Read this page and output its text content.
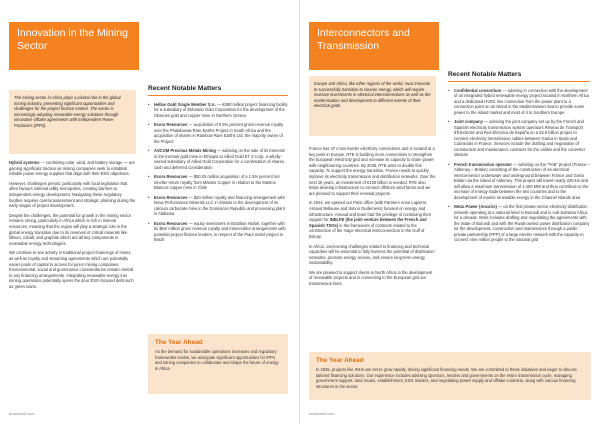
Innovation in the Mining Sector
The mining sector in Africa plays a pivotal role in the global mining industry, presenting significant opportunities and challenges for the project finance market. The sector is increasingly adopting renewable energy solutions through innovative offtake agreements with Independent Power Producers (IPPs).

Hybrid systems — combining solar, wind, and battery storage — are gaining significant traction as mining companies seek to establish reliable power energy supplies that align with their ESG objectives.

However, challenges persist, particularly with local legislation that often favours national utility monopolies, creating barriers to independent energy development. Navigating these regulatory hurdles requires careful assessment and strategic planning during the early stages of project development.

Despite the challenges, the potential for growth in the mining sector remains strong, particularly in Africa which is rich in mineral resources, meaning that the region will play a strategic role in the global energy transition due to its reserves of critical minerals like lithium, cobalt, and graphite which are all key components in renewable energy technologies.

We continue to see activity in traditional project financings of mines, as well as royalty and streaming agreements which are potentially easier pools of capital to access for junior mining companies. Environmental, social and governance considerations remain central to any financing arrangements. Integrating renewable energy into mining operations potentially opens the door ESG-focused debt such as green loans.

Recent Notable Matters
• Hellas Gold Single Member S.A. — €380 million project financing facility for a subsidiary of Eldorado Gold Corporation for the development of the Skouries gold and copper mine in Northern Greece
• Ecora Resources — acquisition of 0.6% percent gross revenue royalty over the Phalaborwa Rare Earths Project in South Africa and the acquisition of shares in Rainbow Rare Earths Ltd, the majority owner of the Project
• ASCOM Precious Metals Mining — advising on the sale of its interests in the Kurmuk gold mine in Ethiopia to Allied Gold ET 2 Corp, a wholly-owned subsidiary of Allied Gold Corporation for a combination of shares, cash and deferred consideration
• Ecora Resources — $50.25 million acquisition of a 1.5% percent net smelter return royalty from Mantos Copper in relation to the Mantos Blancos copper mine in Chile
• Ecora Resources — $20 million royalty and financing arrangement with Nova Performance Minerals LLC in relation to the development of its calcium carbonate mine in the Dominican Republic and processing plant in Alabama
• Ecora Resources — equity investment in Brazilian Nickel, together with its $5m million gross revenue royalty and intercreditor arrangements with potential project finance lenders, in respect of the Piauí nickel project in Brazil
The Year Ahead

As the demand for sustainable operations increases and regulatory frameworks evolve, we anticipate significant opportunities for IPPs and mining companies to collaborate and shape the future of energy in Africa.

bracewell.com
Interconnectors and Transmission
Europe and Africa, like other regions of the world, must innovate to successfully transition to cleaner energy, which will require massive investments in electrical interconnections as well as the modernisation and development to different extents of their electrical grids.

France has 47 cross-border electricity connections and is located at a key point in Europe. RTE is building more connections to strengthen the European electricity grid and increase its capacity to share power with neighbouring countries. By 2035, RTE aims to double this capacity. To support the energy transition, France needs to quickly improve its electricity transmission and distribution networks. Over the next 15 years, an investment of €100 billion is needed. RTE also helps develop infrastructure to connect offshore wind farms and we are pleased to support their renewal projects.

In 2024, we opened our Paris office (with Partners Anne Lapierre, Arnaud Bellaune and Simon Ouderness) focused on energy and infrastructure. Arnaud and team had the privilege of continuing their support for INELFE (the joint venture between the French and Spanish TSOs) in the framework of contracts related to the construction of the major electrical interconnection in the Gulf of Biscay.

In Africa, overcoming challenges related to financing and technical capacities will be essential to fully harness the potential of distribution networks, promote energy access, and ensure long-term energy sustainability.

We are pleased to support clients in North Africa in the development of renewable projects and in connecting to the European grid via transmission lines.

Recent Notable Matters
• Confidential consortium — advising in connection with the development of an integrated hybrid renewable energy project located in Northern Africa and a dedicated HVDC line connection from the power plant to a connection point on an island in the Mediterranean Sea to provide some power to the island market and most of it to Southern Europe
• Joint company — advising the joint company set up by the French and Spanish electricity transmission system operators Réseau de Transport d'Électricité and Red Eléctrica de España on a €2.8 billion project to connect electricity transmission cables between Gatica in Spain and Cubnezais in France. Services include the drafting and negotiation of construction and maintenance contracts for the cables and the converter stations
• French transmission operator — advising on the "FAB" project (France – Alderney – Britain) consisting of the construction of an electrical interconnector underwater and underground between France and Great Britain via the island of Alderney. This project will travel nearly 220 km and will allow a maximum transmission of 1,400 MW and thus contribute to the increase of energy trade between the two countries and to the development of marine renewable energy in the Channel Islands area
• Weza Power (Ancoris) — on the first private-sector electricity distribution network operating at a national level in Burundi and in sub-Saharan Africa for a decade. Work includes drafting and negotiating the agreements with the State of Burundi and with the Rwab-owned power distribution company for the development, construction and maintenance through a public-private partnership (PPP) of a large electric network with the capacity to connect nine million people to the national grid
The Year Ahead

In 2025, projects like INHA are set to grow rapidly, driving significant financing needs. We are committed to these initiatives and eager to discuss tailored financing solutions. Our experience includes advising sponsors, lenders and governments on the entire transmission cycle, managing government support, land issues, establishment, ESG matters, and negotiating power supply and offtake contracts, along with various financing structures in the sector.

bracewell.com
